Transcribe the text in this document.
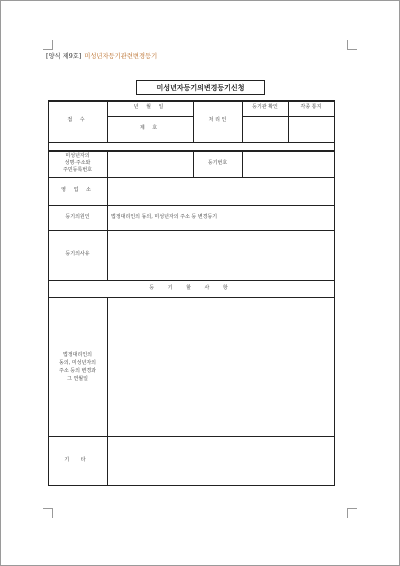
[양식 제9호] 미성년자등기관련변경등기
미성년자등기의변경등기신청
접 수
년 월 일
제 호
처 리 인
등기관 확인	각종 통지
미성년자의
성명·주소와
주민등록번호
등기번호
영 업 소
등기의원인	법정대리인의 동의, 미성년자의 주소 등 변경등기
등기의사유
등 기 할 사 항
법정대리인의
동의, 미성년자의
주소 등의 변경과
그 연월일
기 타
